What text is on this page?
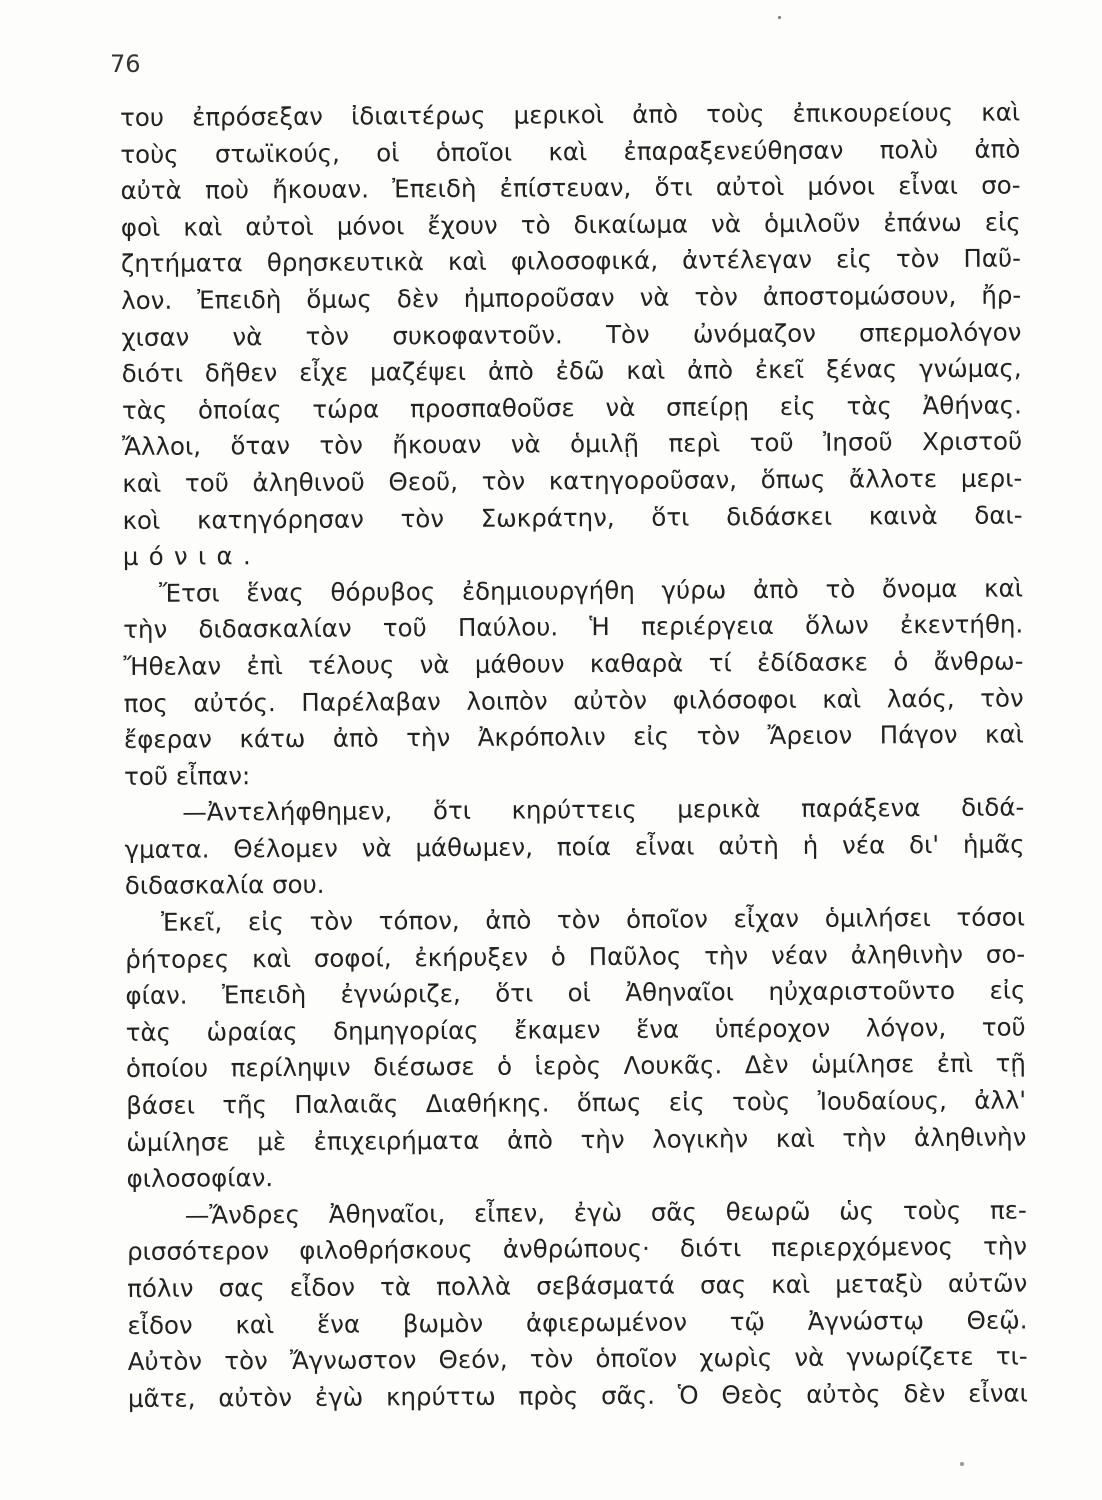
76
του ἐπρόσεξαν ἰδιαιτέρως μερικοὶ ἀπὸ τοὺς ἐπικουρείους καὶ
τοὺς στωϊκούς, οἱ ὁποῖοι καὶ ἐπαραξενεύθησαν πολὺ ἀπὸ
αὐτὰ ποὺ ἤκουαν. Ἐπειδὴ ἐπίστευαν, ὅτι αὐτοὶ μόνοι εἶναι σο-
φοὶ καὶ αὐτοὶ μόνοι ἔχουν τὸ δικαίωμα νὰ ὁμιλοῦν ἐπάνω εἰς
ζητήματα θρησκευτικὰ καὶ φιλοσοφικά, ἀντέλεγαν εἰς τὸν Παῦ-
λον. Ἐπειδὴ ὅμως δὲν ἠμποροῦσαν νὰ τὸν ἀποστομώσουν, ἤρ-
χισαν νὰ τὸν συκοφαντοῦν. Τὸν ὠνόμαζον σπερμολόγον
διότι δῆθεν εἶχε μαζέψει ἀπὸ ἐδῶ καὶ ἀπὸ ἐκεῖ ξένας γνώμας,
τὰς ὁποίας τώρα προσπαθοῦσε νὰ σπείρῃ εἰς τὰς Ἀθήνας.
Ἄλλοι, ὅταν τὸν ἤκουαν νὰ ὁμιλῇ περὶ τοῦ Ἰησοῦ Χριστοῦ
καὶ τοῦ ἀληθινοῦ Θεοῦ, τὸν κατηγοροῦσαν, ὅπως ἄλλοτε μερι-
κοὶ κατηγόρησαν τὸν Σωκράτην, ὅτι διδάσκει καινὰ δαι-
μόνια.
Ἔτσι ἕνας θόρυβος ἐδημιουργήθη γύρω ἀπὸ τὸ ὄνομα καὶ
τὴν διδασκαλίαν τοῦ Παύλου. Ἡ περιέργεια ὅλων ἐκεντήθη.
Ἤθελαν ἐπὶ τέλους νὰ μάθουν καθαρὰ τί ἐδίδασκε ὁ ἄνθρω-
πος αὐτός. Παρέλαβαν λοιπὸν αὐτὸν φιλόσοφοι καὶ λαός, τὸν
ἔφεραν κάτω ἀπὸ τὴν Ἀκρόπολιν εἰς τὸν Ἄρειον Πάγον καὶ
τοῦ εἶπαν:
—Ἀντελήφθημεν, ὅτι κηρύττεις μερικὰ παράξενα διδά-
γματα. Θέλομεν νὰ μάθωμεν, ποία εἶναι αὐτὴ ἡ νέα δι' ἡμᾶς
διδασκαλία σου.
Ἐκεῖ, εἰς τὸν τόπον, ἀπὸ τὸν ὁποῖον εἶχαν ὁμιλήσει τόσοι
ῥήτορες καὶ σοφοί, ἐκήρυξεν ὁ Παῦλος τὴν νέαν ἀληθινὴν σο-
φίαν. Ἐπειδὴ ἐγνώριζε, ὅτι οἱ Ἀθηναῖοι ηὐχαριστοῦντο εἰς
τὰς ὡραίας δημηγορίας ἔκαμεν ἕνα ὑπέροχον λόγον, τοῦ
ὁποίου περίληψιν διέσωσε ὁ ἱερὸς Λουκᾶς. Δὲν ὡμίλησε ἐπὶ τῇ
βάσει τῆς Παλαιᾶς Διαθήκης. ὅπως εἰς τοὺς Ἰουδαίους, ἀλλ'
ὡμίλησε μὲ ἐπιχειρήματα ἀπὸ τὴν λογικὴν καὶ τὴν ἀληθινὴν
φιλοσοφίαν.
—Ἄνδρες Ἀθηναῖοι, εἶπεν, ἐγὼ σᾶς θεωρῶ ὡς τοὺς πε-
ρισσότερον φιλοθρήσκους ἀνθρώπους· διότι περιερχόμενος τὴν
πόλιν σας εἶδον τὰ πολλὰ σεβάσματά σας καὶ μεταξὺ αὐτῶν
εἶδον καὶ ἕνα βωμὸν ἀφιερωμένον τῷ Ἀγνώστῳ Θεῷ.
Αὐτὸν τὸν Ἄγνωστον Θεόν, τὸν ὁποῖον χωρὶς νὰ γνωρίζετε τι-
μᾶτε, αὐτὸν ἐγὼ κηρύττω πρὸς σᾶς. Ὁ Θεὸς αὐτὸς δὲν εἶναι
